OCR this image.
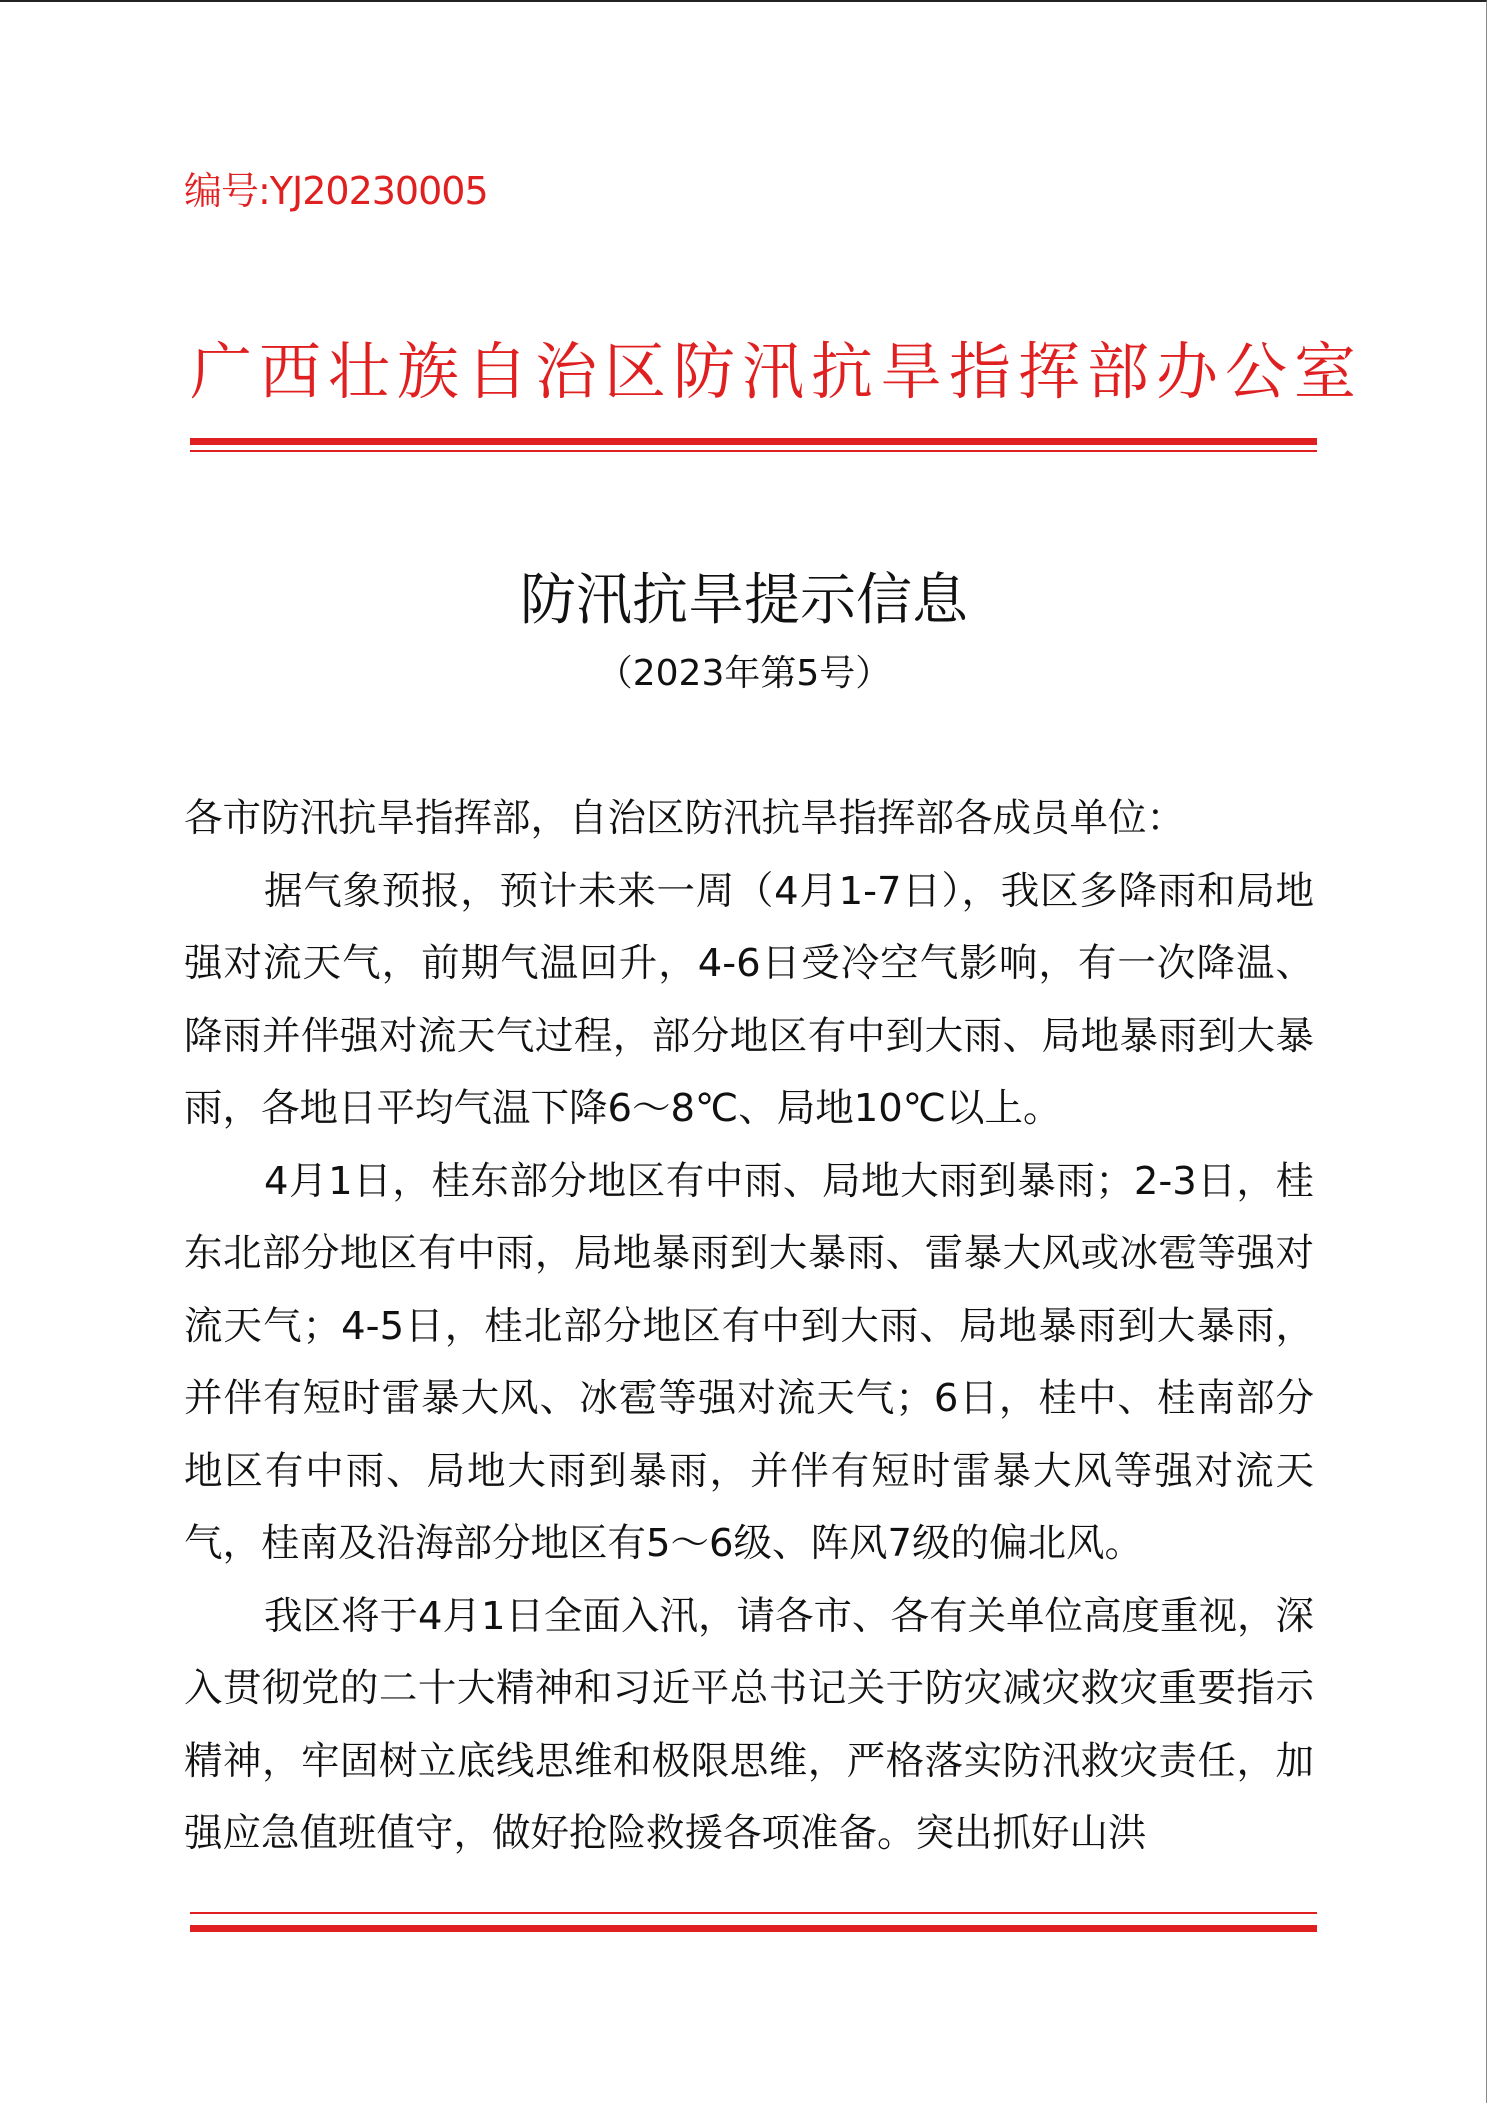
编号:YJ20230005
广西壮族自治区防汛抗旱指挥部办公室
防汛抗旱提示信息
（2023年第5号）

各市防汛抗旱指挥部，自治区防汛抗旱指挥部各成员单位：

据气象预报，预计未来一周（4月1-7日），我区多降雨和局地强对流天气，前期气温回升，4-6日受冷空气影响，有一次降温、降雨并伴强对流天气过程，部分地区有中到大雨、局地暴雨到大暴雨，各地日平均气温下降6～8℃、局地10℃以上。

4月1日，桂东部分地区有中雨、局地大雨到暴雨；2-3日，桂东北部分地区有中雨，局地暴雨到大暴雨、雷暴大风或冰雹等强对流天气；4-5日，桂北部分地区有中到大雨、局地暴雨到大暴雨，并伴有短时雷暴大风、冰雹等强对流天气；6日，桂中、桂南部分地区有中雨、局地大雨到暴雨，并伴有短时雷暴大风等强对流天气，桂南及沿海部分地区有5～6级、阵风7级的偏北风。

我区将于4月1日全面入汛，请各市、各有关单位高度重视，深入贯彻党的二十大精神和习近平总书记关于防灾减灾救灾重要指示精神，牢固树立底线思维和极限思维，严格落实防汛救灾责任，加强应急值班值守，做好抢险救援各项准备。突出抓好山洪
